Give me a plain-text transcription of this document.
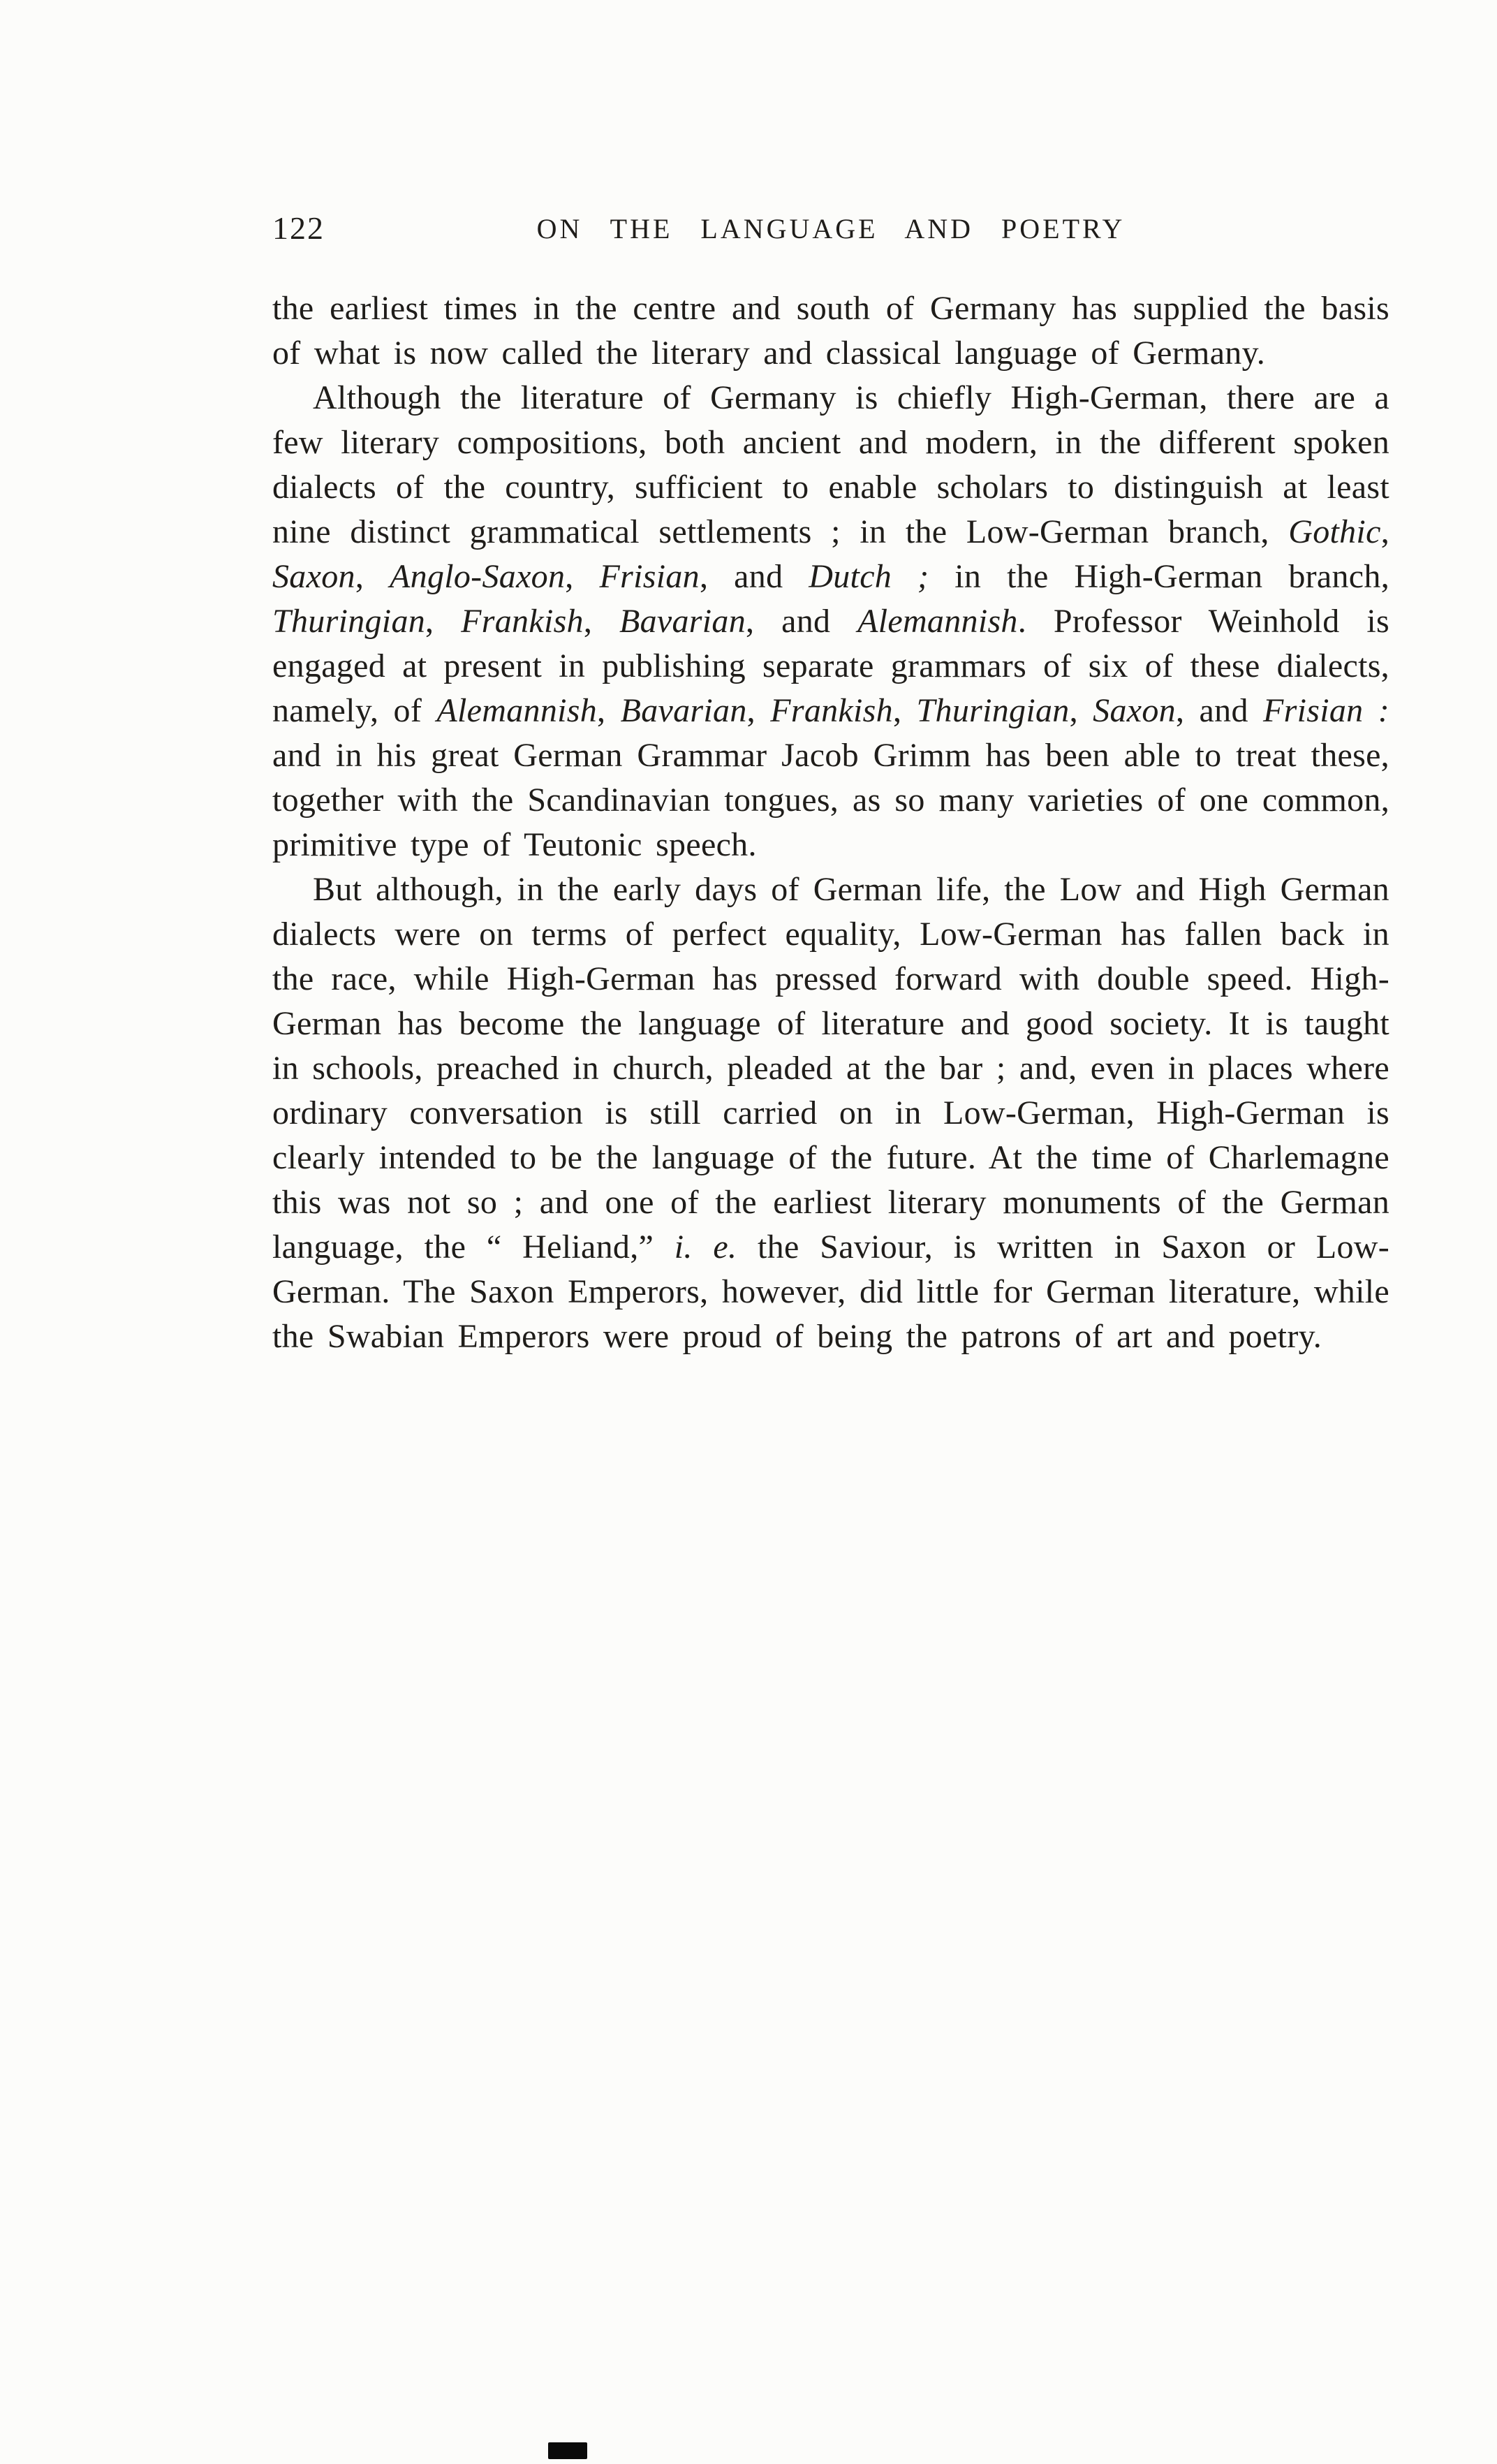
122	ON THE LANGUAGE AND POETRY

the earliest times in the centre and south of Germany has supplied the basis of what is now called the literary and classical language of Germany.

Although the literature of Germany is chiefly High-German, there are a few literary compositions, both ancient and modern, in the different spoken dialects of the country, sufficient to enable scholars to distinguish at least nine distinct grammatical settlements ; in the Low-German branch, Gothic, Saxon, Anglo-Saxon, Frisian, and Dutch ; in the High-German branch, Thuringian, Frankish, Bavarian, and Alemannish. Professor Weinhold is engaged at present in publishing separate grammars of six of these dialects, namely, of Alemannish, Bavarian, Frankish, Thuringian, Saxon, and Frisian : and in his great German Grammar Jacob Grimm has been able to treat these, together with the Scandinavian tongues, as so many varieties of one common, primitive type of Teutonic speech.

But although, in the early days of German life, the Low and High German dialects were on terms of perfect equality, Low-German has fallen back in the race, while High-German has pressed forward with double speed. High-German has become the language of literature and good society. It is taught in schools, preached in church, pleaded at the bar ; and, even in places where ordinary conversation is still carried on in Low-German, High-German is clearly intended to be the language of the future. At the time of Charlemagne this was not so ; and one of the earliest literary monuments of the German language, the “ Heliand,” i. e. the Saviour, is written in Saxon or Low-German. The Saxon Emperors, however, did little for German literature, while the Swabian Emperors were proud of being the patrons of art and poetry.
